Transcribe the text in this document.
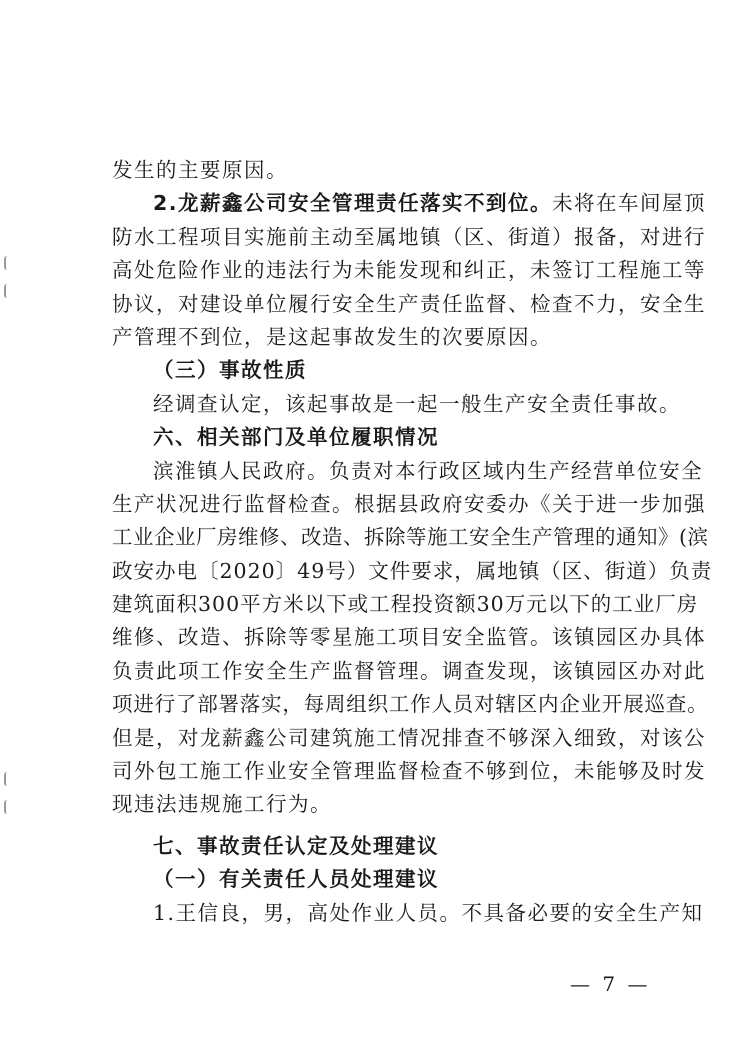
发生的主要原因。
2.龙薪鑫公司安全管理责任落实不到位。未将在车间屋顶
防水工程项目实施前主动至属地镇（区、街道）报备，对进行
高处危险作业的违法行为未能发现和纠正，未签订工程施工等
协议，对建设单位履行安全生产责任监督、检查不力，安全生
产管理不到位，是这起事故发生的次要原因。
（三）事故性质
经调查认定，该起事故是一起一般生产安全责任事故。
六、相关部门及单位履职情况
滨淮镇人民政府。负责对本行政区域内生产经营单位安全
生产状况进行监督检查。根据县政府安委办《关于进一步加强
工业企业厂房维修、改造、拆除等施工安全生产管理的通知》(滨
政安办电〔2020〕49号）文件要求，属地镇（区、街道）负责
建筑面积300平方米以下或工程投资额30万元以下的工业厂房
维修、改造、拆除等零星施工项目安全监管。该镇园区办具体
负责此项工作安全生产监督管理。调查发现，该镇园区办对此
项进行了部署落实，每周组织工作人员对辖区内企业开展巡查。
但是，对龙薪鑫公司建筑施工情况排查不够深入细致，对该公
司外包工施工作业安全管理监督检查不够到位，未能够及时发
现违法违规施工行为。
七、事故责任认定及处理建议
（一）有关责任人员处理建议
1.王信良，男，高处作业人员。不具备必要的安全生产知
— 7 —
